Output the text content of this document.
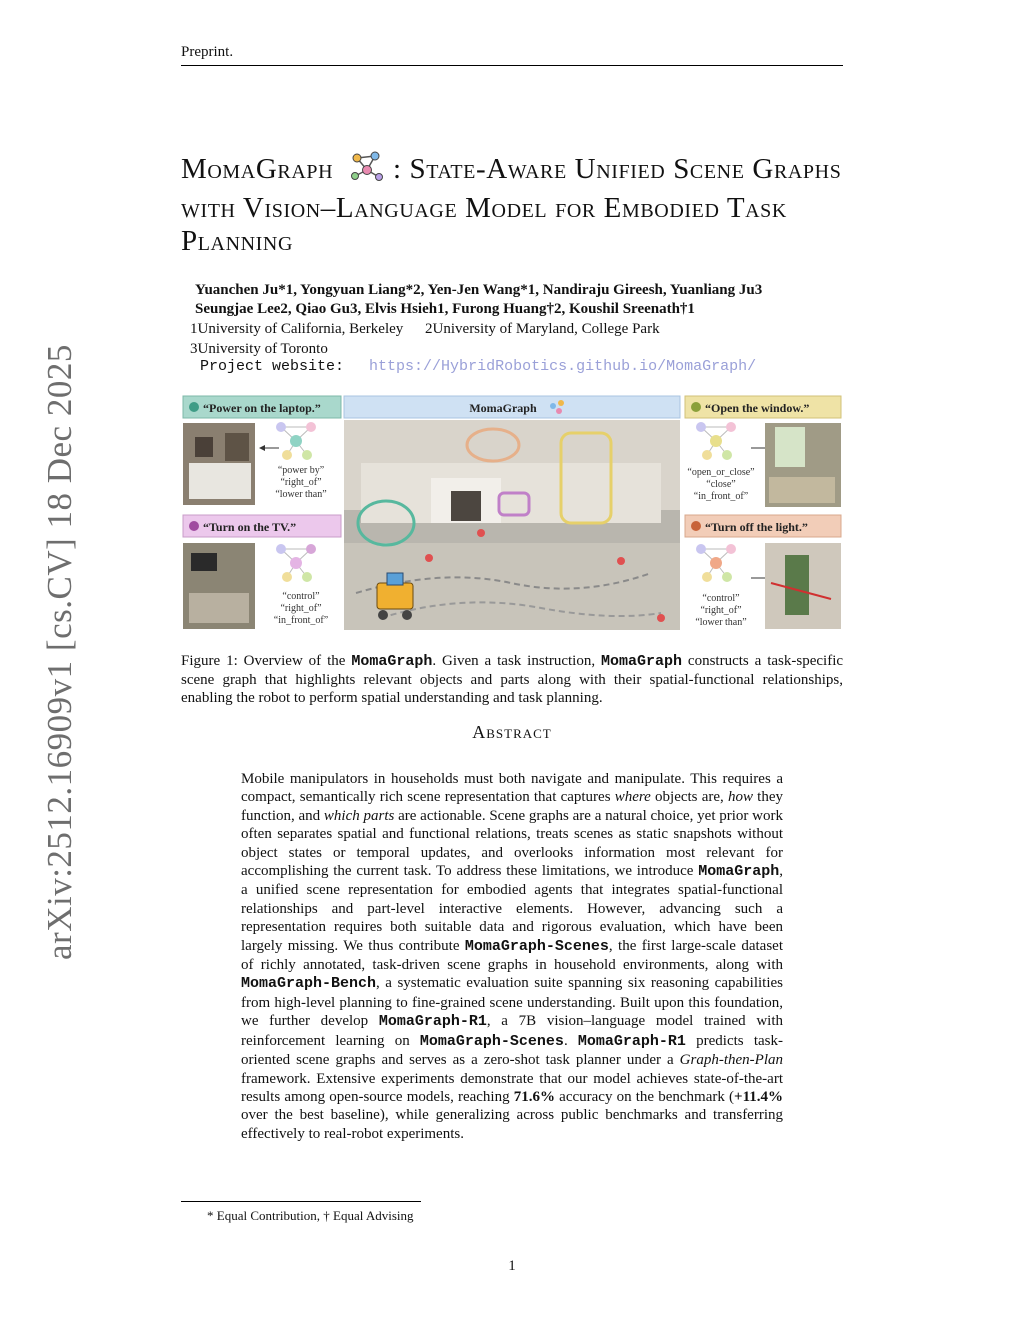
Preprint.
arXiv:2512.16909v1 [cs.CV] 18 Dec 2025
MomaGraph : State-Aware Unified Scene Graphs with Vision–Language Model for Embodied Task Planning
Yuanchen Ju*1, Yongyuan Liang*2, Yen-Jen Wang*1, Nandiraju Gireesh, Yuanliang Ju3
Seungjae Lee2, Qiao Gu3, Elvis Hsieh1, Furong Huang†2, Koushil Sreenath†1
1University of California, Berkeley 2University of Maryland, College Park
3University of Toronto
Project website: https://HybridRobotics.github.io/MomaGraph/
“Power on the laptop.”
“power by”
“right_of”
“lower than”
“Turn on the TV.”
“control”
“right_of”
“in_front_of”
MomaGraph	“Open the window.”
“open_or_close”
“close”
“in_front_of”
“Turn off the light.”
“control”
“right_of”
“lower than”
Figure 1: Overview of the MomaGraph. Given a task instruction, MomaGraph constructs a task-specific scene graph that highlights relevant objects and parts along with their spatial-functional relationships, enabling the robot to perform spatial understanding and task planning.
Abstract
Mobile manipulators in households must both navigate and manipulate. This requires a compact, semantically rich scene representation that captures where objects are, how they function, and which parts are actionable. Scene graphs are a natural choice, yet prior work often separates spatial and functional relations, treats scenes as static snapshots without object states or temporal updates, and overlooks information most relevant for accomplishing the current task. To address these limitations, we introduce MomaGraph, a unified scene representation for embodied agents that integrates spatial-functional relationships and part-level interactive elements. However, advancing such a representation requires both suitable data and rigorous evaluation, which have been largely missing. We thus contribute MomaGraph-Scenes, the first large-scale dataset of richly annotated, task-driven scene graphs in household environments, along with MomaGraph-Bench, a systematic evaluation suite spanning six reasoning capabilities from high-level planning to fine-grained scene understanding. Built upon this foundation, we further develop MomaGraph-R1, a 7B vision–language model trained with reinforcement learning on MomaGraph-Scenes. MomaGraph-R1 predicts task-oriented scene graphs and serves as a zero-shot task planner under a Graph-then-Plan framework. Extensive experiments demonstrate that our model achieves state-of-the-art results among open-source models, reaching 71.6% accuracy on the benchmark (+11.4% over the best baseline), while generalizing across public benchmarks and transferring effectively to real-robot experiments.
* Equal Contribution, † Equal Advising
1
